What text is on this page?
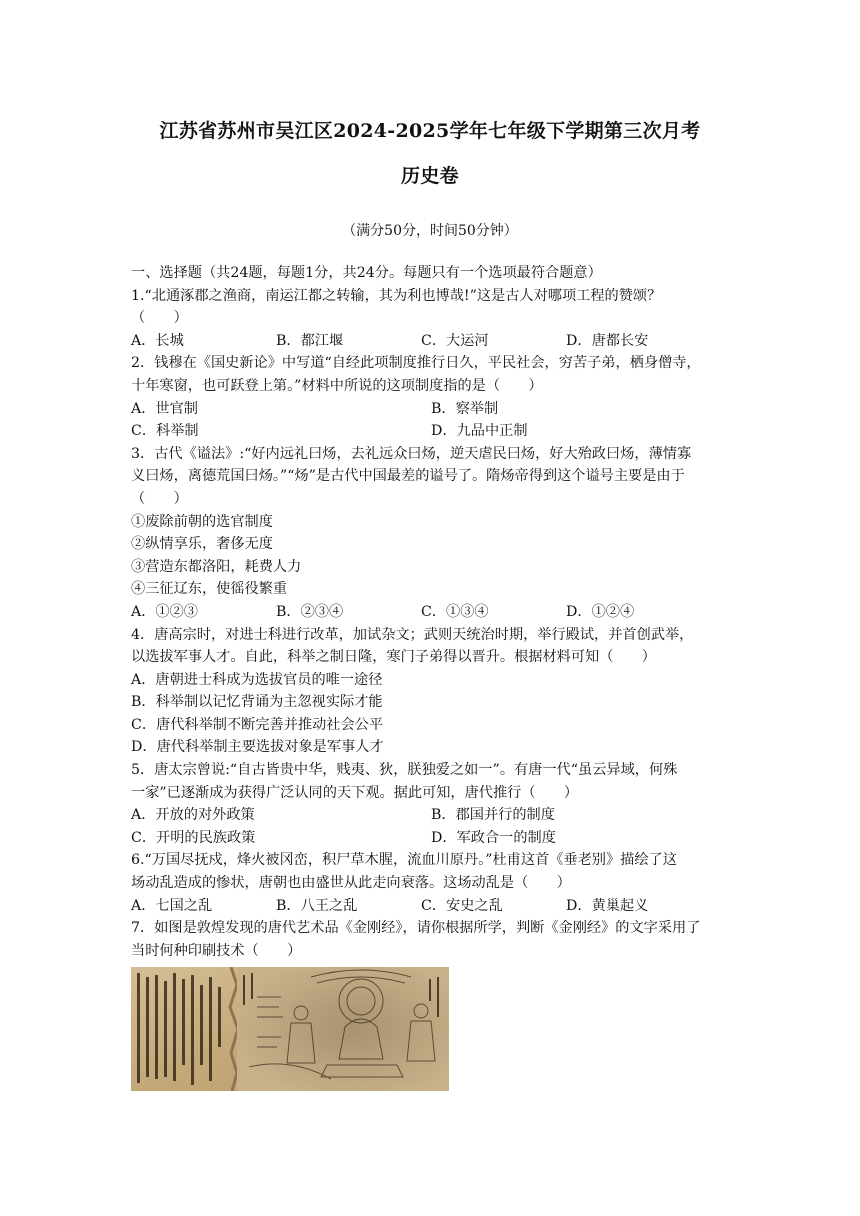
江苏省苏州市吴江区2024-2025学年七年级下学期第三次月考
历史卷
（满分50分，时间50分钟）
一、选择题（共24题，每题1分，共24分。每题只有一个选项最符合题意）
1.“北通涿郡之渔商，南运江都之转输，其为利也博哉!”这是古人对哪项工程的赞颂？
（　　）
A．长城	B．都江堰	C．大运河	D．唐都长安
2．钱穆在《国史新论》中写道“自经此项制度推行日久，平民社会，穷苦子弟，栖身僧寺，
十年寒窗，也可跃登上第。”材料中所说的这项制度指的是（　　）
A．世官制	B．察举制
C．科举制	D．九品中正制
3．古代《谥法》:“好内远礼曰炀，去礼远众曰炀，逆天虐民曰炀，好大殆政曰炀，薄情寡
义曰炀，离德荒国曰炀。”“炀”是古代中国最差的谥号了。隋炀帝得到这个谥号主要是由于
（　　）
①废除前朝的选官制度
②纵情享乐，奢侈无度
③营造东都洛阳，耗费人力
④三征辽东，使徭役繁重
A．①②③	B．②③④	C．①③④	D．①②④
4．唐高宗时，对进士科进行改革，加试杂文；武则天统治时期，举行殿试，并首创武举，
以选拔军事人才。自此，科举之制日隆，寒门子弟得以晋升。根据材料可知（　　）
A．唐朝进士科成为选拔官员的唯一途径
B．科举制以记忆背诵为主忽视实际才能
C．唐代科举制不断完善并推动社会公平
D．唐代科举制主要选拔对象是军事人才
5．唐太宗曾说:“自古皆贵中华，贱夷、狄，朕独爱之如一”。有唐一代“虽云异域，何殊
一家”已逐渐成为获得广泛认同的天下观。据此可知，唐代推行（　　）
A．开放的对外政策	B．郡国并行的制度
C．开明的民族政策	D．军政合一的制度
6.“万国尽抚戍，烽火被冈峦，积尸草木腥，流血川原丹。”杜甫这首《垂老别》描绘了这
场动乱造成的惨状，唐朝也由盛世从此走向衰落。这场动乱是（　　）
A．七国之乱	B．八王之乱	C．安史之乱	D．黄巢起义
7．如图是敦煌发现的唐代艺术品《金刚经》，请你根据所学，判断《金刚经》的文字采用了
当时何种印刷技术（　　）
